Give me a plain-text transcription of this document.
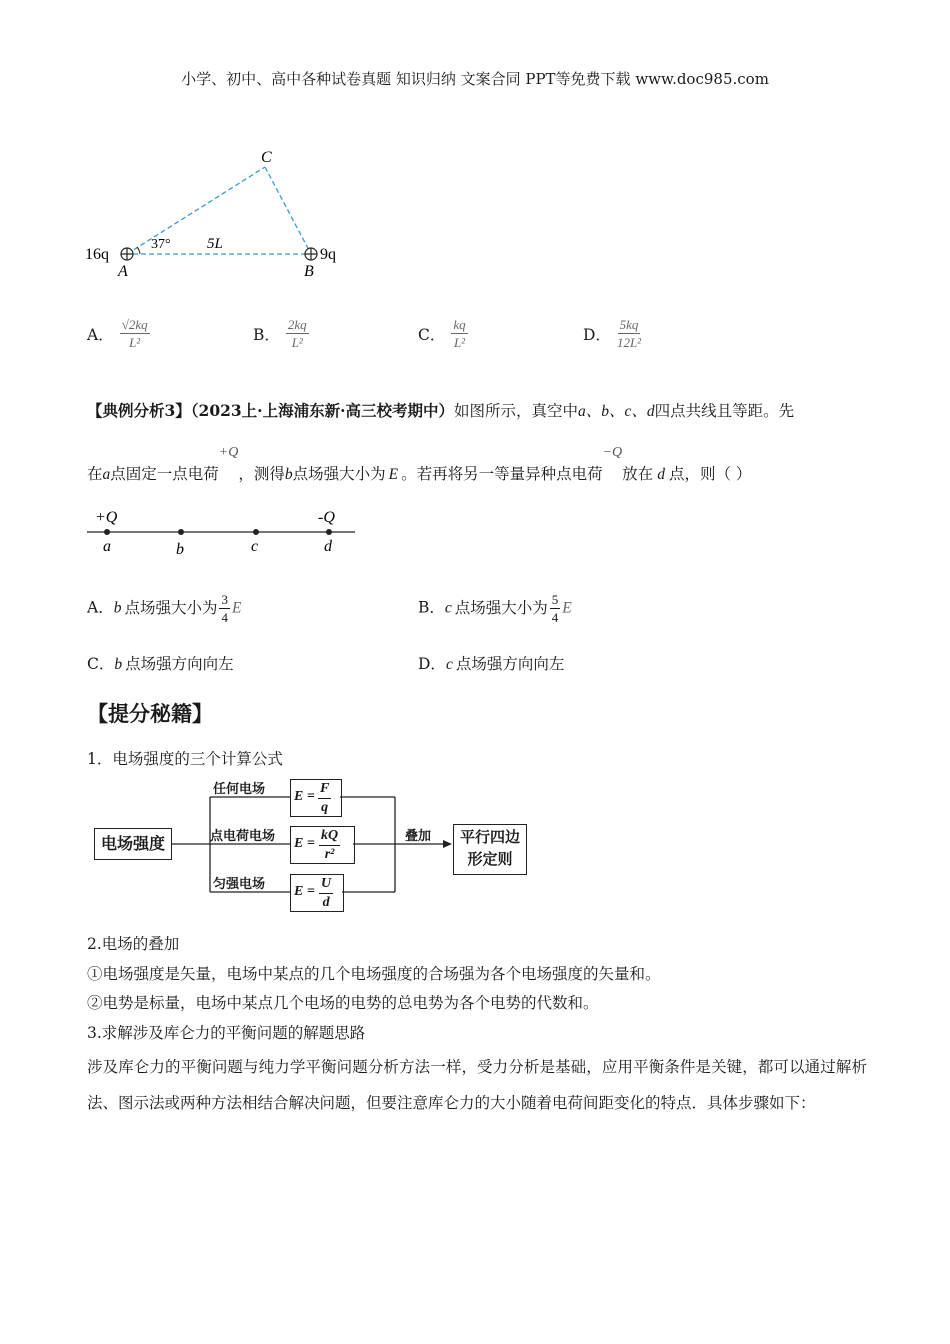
小学、初中、高中各种试卷真题 知识归纳 文案合同 PPT等免费下载 www.doc985.com
C
A	B
16q	9q
37° 5L
A． $\frac{√2kq}{\text{L²}}$	B． $\frac{2kq}{\text{L²}}$	C． $\frac{kq}{\text{L²}}$	D． $\frac{5kq}{\text{12L²}}$
【典例分析3】（2023上·上海浦东新·高三校考期中）如图所示，真空中a、b、c、d四点共线且等距。先
在a点固定一点电荷+Q，测得b点场强大小为 E 。若再将另一等量异种点电荷−Q放在 d 点，则（ ）
+Q	-Q
a	b	c	d
A．b 点场强大小为 $\frac{3}{4}$ E	B．c 点场强大小为 $\frac{5}{4}$ E
C．b 点场强方向向左	D．c 点场强方向向左
【提分秘籍】
1．电场强度的三个计算公式
电场强度
任何电场
点电荷电场
匀强电场
$E = \frac{F}{q}$
$E = \frac{kQ}{\text{r²}}$
$E = \frac{U}{d}$
叠加	平行四边
形定则
2.电场的叠加
①电场强度是矢量，电场中某点的几个电场强度的合场强为各个电场强度的矢量和。
②电势是标量，电场中某点几个电场的电势的总电势为各个电势的代数和。
3.求解涉及库仑力的平衡问题的解题思路
涉及库仑力的平衡问题与纯力学平衡问题分析方法一样，受力分析是基础，应用平衡条件是关键，都可以通过解析法、图示法或两种方法相结合解决问题，但要注意库仑力的大小随着电荷间距变化的特点．具体步骤如下：
